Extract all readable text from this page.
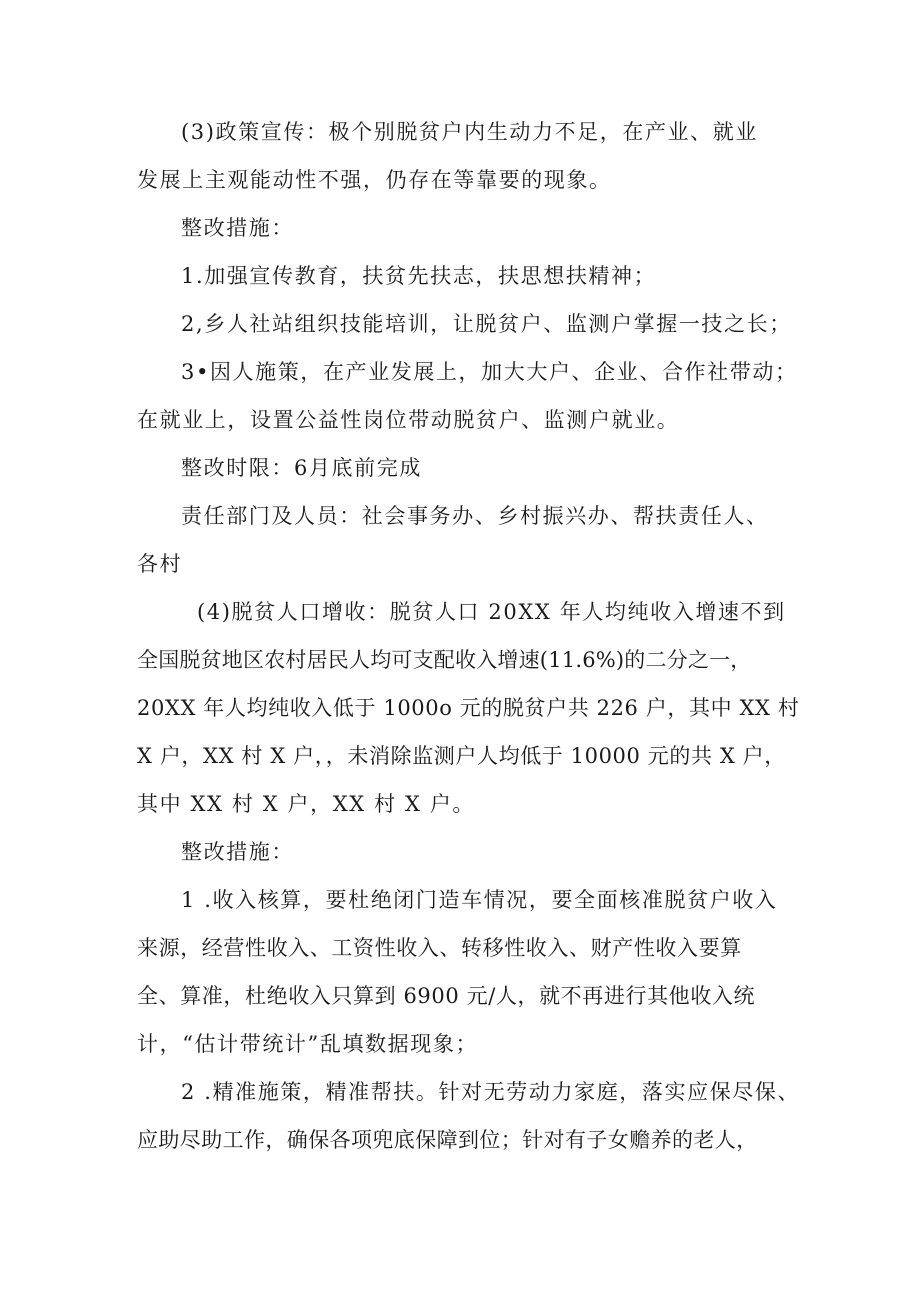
(3)政策宣传：极个别脱贫户内生动力不足，在产业、就业
发展上主观能动性不强，仍存在等靠要的现象。
整改措施：
1.加强宣传教育，扶贫先扶志，扶思想扶精神；
2,乡人社站组织技能培训，让脱贫户、监测户掌握一技之长；
3•因人施策，在产业发展上，加大大户、企业、合作社带动；
在就业上，设置公益性岗位带动脱贫户、监测户就业。
整改时限：6月底前完成
责任部门及人员：社会事务办、乡村振兴办、帮扶责任人、
各村
(4)脱贫人口增收：脱贫人口 20XX 年人均纯收入增速不到
全国脱贫地区农村居民人均可支配收入增速(11.6%)的二分之一，
20XX 年人均纯收入低于 1000o 元的脱贫户共 226 户，其中 XX 村
X 户，XX 村 X 户，，未消除监测户人均低于 10000 元的共 X 户，
其中 XX 村 X 户，XX 村 X 户。
整改措施：
1 .收入核算，要杜绝闭门造车情况，要全面核准脱贫户收入
来源，经营性收入、工资性收入、转移性收入、财产性收入要算
全、算准，杜绝收入只算到 6900 元/人，就不再进行其他收入统
计，“估计带统计”乱填数据现象；
2 .精准施策，精准帮扶。针对无劳动力家庭，落实应保尽保、
应助尽助工作，确保各项兜底保障到位；针对有子女赡养的老人，
